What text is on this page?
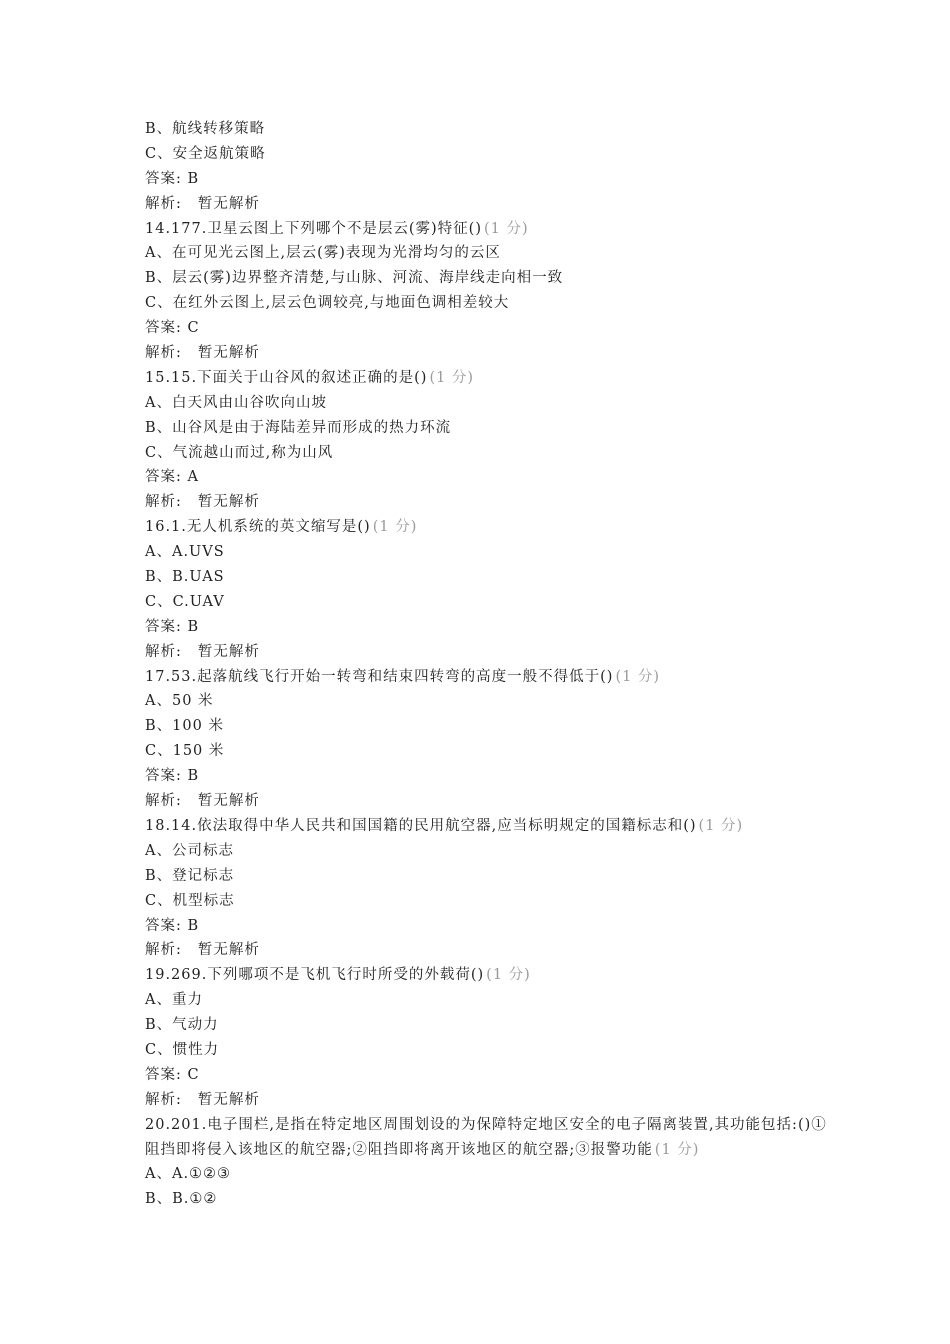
B、航线转移策略
C、安全返航策略
答案: B
解析: 暂无解析
14.177.卫星云图上下列哪个不是层云(雾)特征() (1 分)
A、在可见光云图上,层云(雾)表现为光滑均匀的云区
B、层云(雾)边界整齐清楚,与山脉、河流、海岸线走向相一致
C、在红外云图上,层云色调较亮,与地面色调相差较大
答案: C
解析: 暂无解析
15.15.下面关于山谷风的叙述正确的是() (1 分)
A、白天风由山谷吹向山坡
B、山谷风是由于海陆差异而形成的热力环流
C、气流越山而过,称为山风
答案: A
解析: 暂无解析
16.1.无人机系统的英文缩写是() (1 分)
A、A.UVS
B、B.UAS
C、C.UAV
答案: B
解析: 暂无解析
17.53.起落航线飞行开始一转弯和结束四转弯的高度一般不得低于() (1 分)
A、50 米
B、100 米
C、150 米
答案: B
解析: 暂无解析
18.14.依法取得中华人民共和国国籍的民用航空器,应当标明规定的国籍标志和() (1 分)
A、公司标志
B、登记标志
C、机型标志
答案: B
解析: 暂无解析
19.269.下列哪项不是飞机飞行时所受的外载荷() (1 分)
A、重力
B、气动力
C、惯性力
答案: C
解析: 暂无解析
20.201.电子围栏,是指在特定地区周围划设的为保障特定地区安全的电子隔离装置,其功能包括:()①阻挡即将侵入该地区的航空器;②阻挡即将离开该地区的航空器;③报警功能 (1 分)
A、A.①②③
B、B.①②
